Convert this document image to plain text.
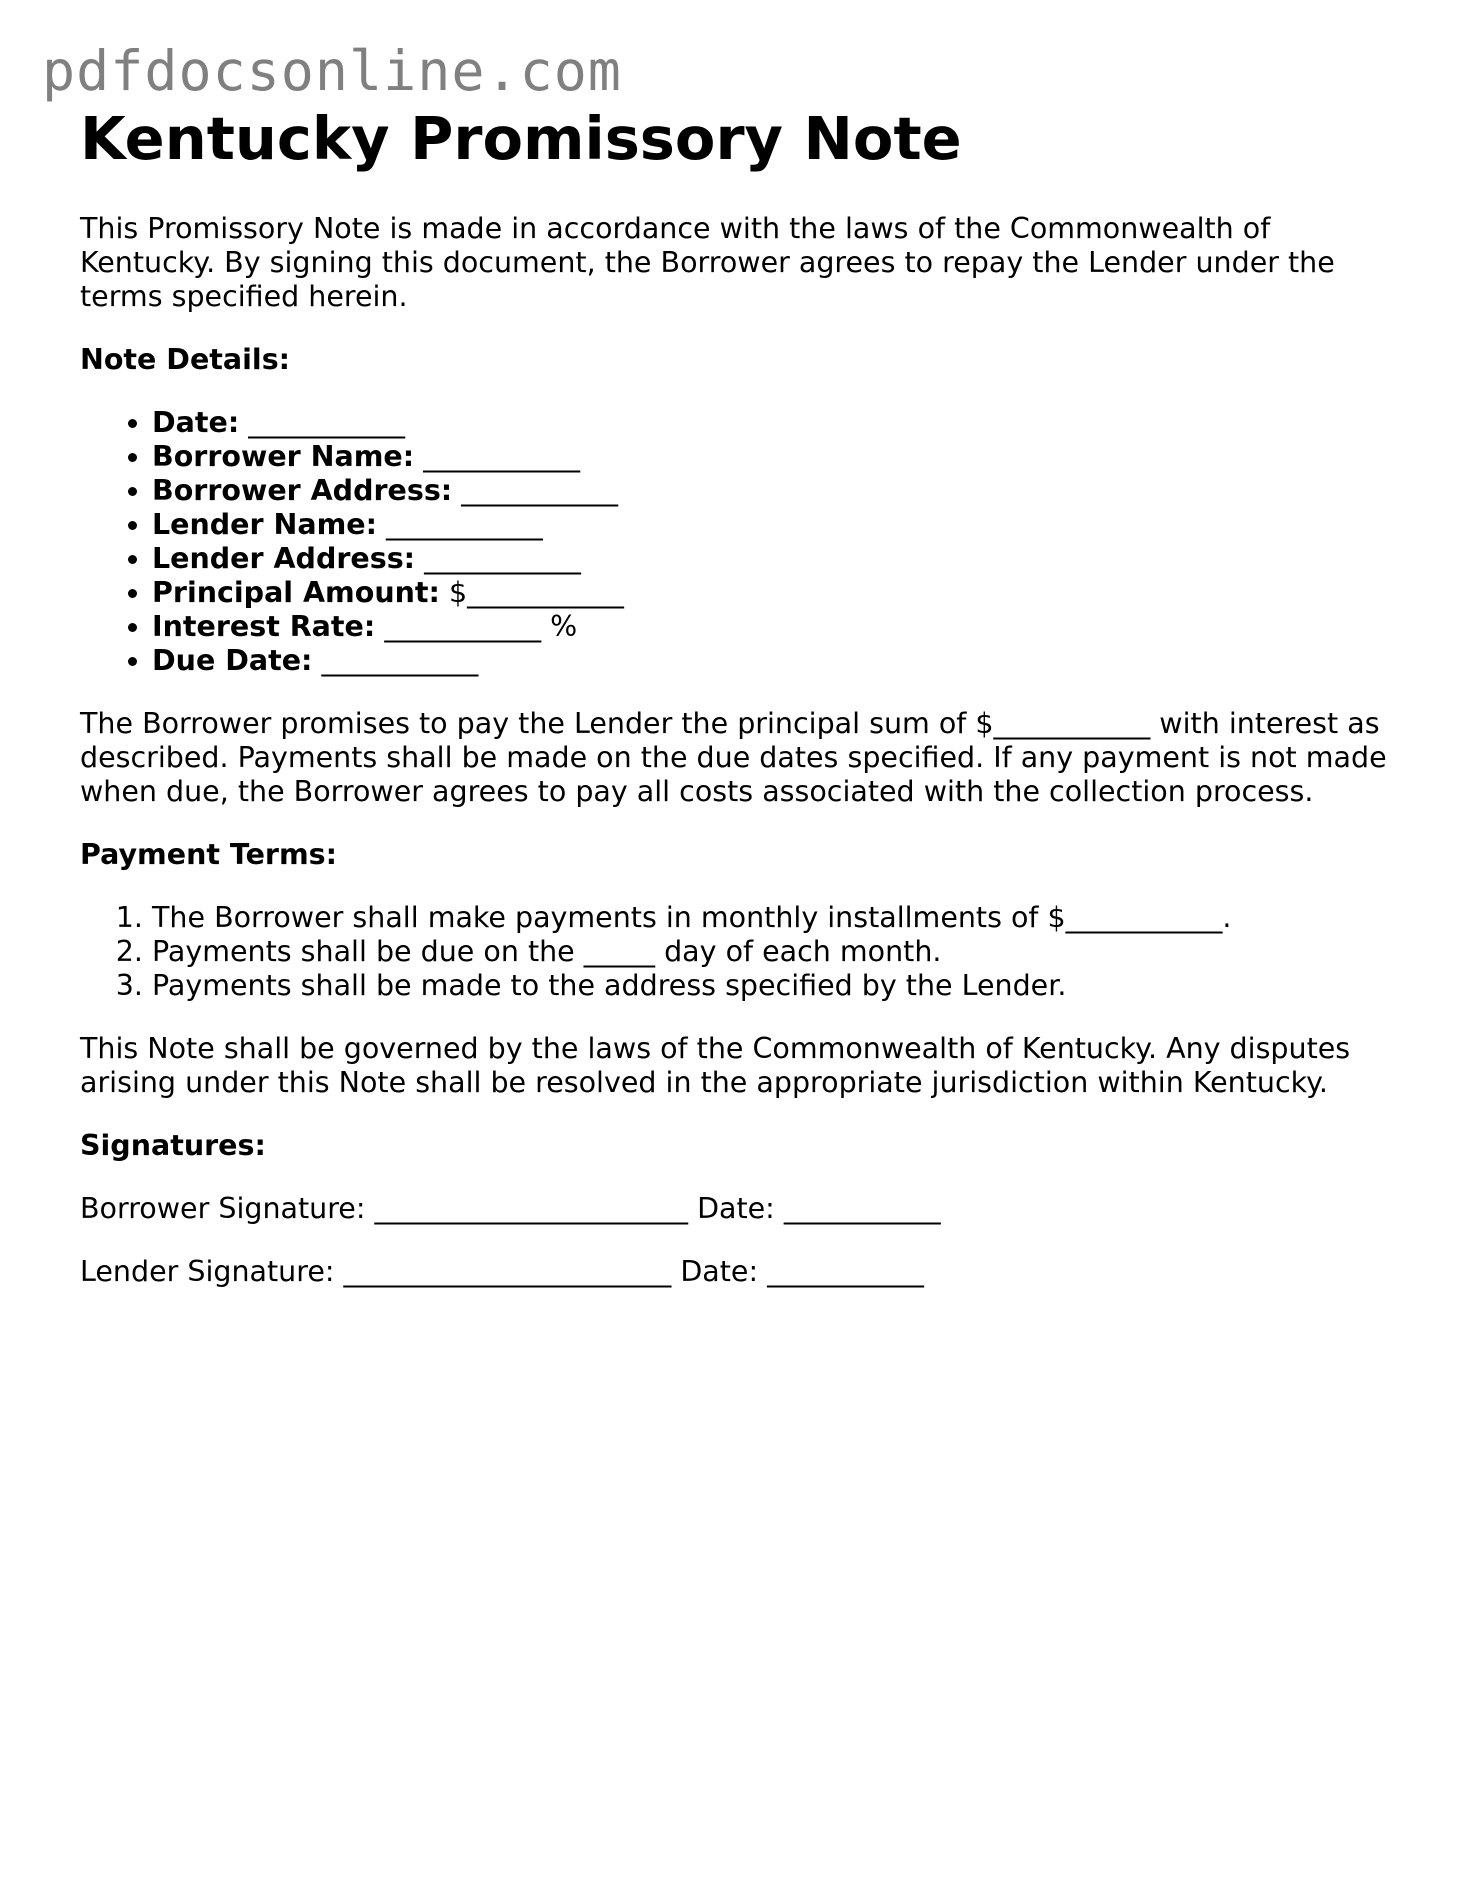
pdfdocsonline.com
Kentucky Promissory Note

This Promissory Note is made in accordance with the laws of the Commonwealth of Kentucky. By signing this document, the Borrower agrees to repay the Lender under the terms specified herein.

Note Details:
• Date: ___________
• Borrower Name: ___________
• Borrower Address: ___________
• Lender Name: ___________
• Lender Address: ___________
• Principal Amount: $___________
• Interest Rate: ___________ %
• Due Date: ___________

The Borrower promises to pay the Lender the principal sum of $___________ with interest as described. Payments shall be made on the due dates specified. If any payment is not made when due, the Borrower agrees to pay all costs associated with the collection process.

Payment Terms:
1. The Borrower shall make payments in monthly installments of $___________.
2. Payments shall be due on the _____ day of each month.
3. Payments shall be made to the address specified by the Lender.

This Note shall be governed by the laws of the Commonwealth of Kentucky. Any disputes arising under this Note shall be resolved in the appropriate jurisdiction within Kentucky.

Signatures:

Borrower Signature: ______________________ Date: ___________

Lender Signature: _______________________ Date: ___________
